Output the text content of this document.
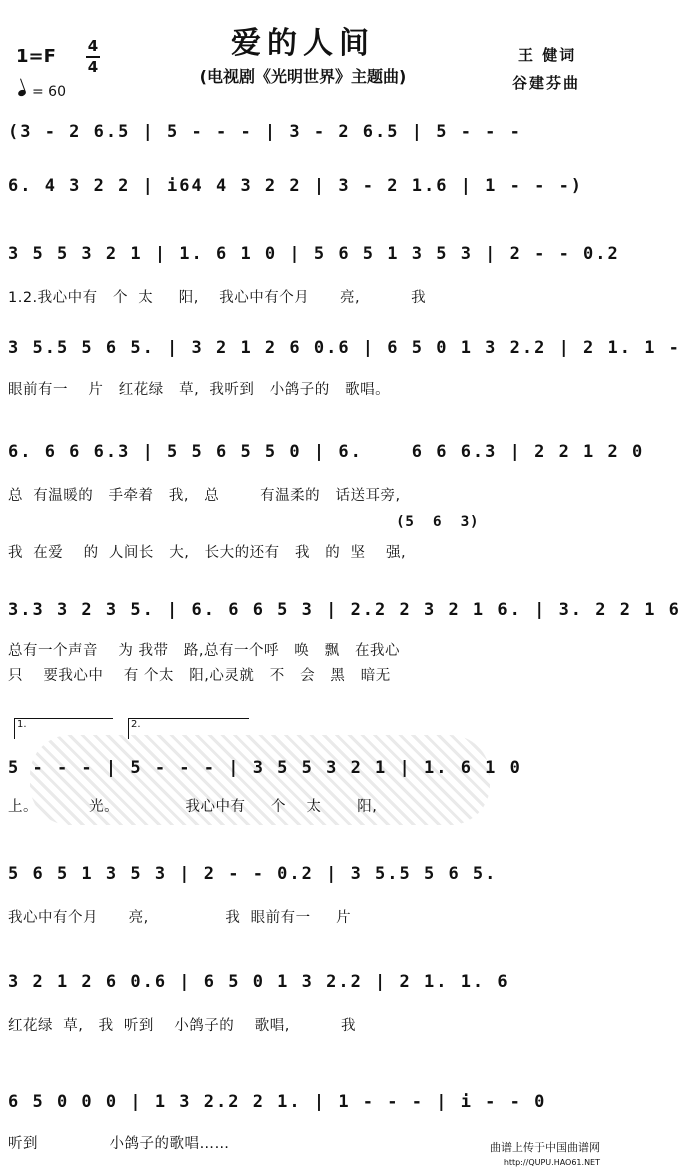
爱的人间
(电视剧《光明世界》主题曲)
1=F 4
4
= 60
王 健词
谷建芬曲
(3 - 2 6.5 | 5 - - - | 3 - 2 6.5 | 5 - - -
6. 4 3 2 2 | i64 4 3 2 2 | 3 - 2 1.6 | 1 - - -)
3 5 5 3 2 1 | 1. 6 1 0 | 5 6 5 1 3 5 3 | 2 - - 0.2
1.2.我心中有   个  太     阳,    我心中有个月      亮,          我
3 5.5 5 6 5. | 3 2 1 2 6 0.6 | 6 5 0 1 3 2.2 | 2 1. 1 -
眼前有一    片   红花绿   草,  我听到   小鸽子的   歌唱。
6. 6 6 6.3 | 5 5 6 5 5 0 | 6.    6 6 6.3 | 2 2 1 2 0
总  有温暖的   手牵着   我,   总        有温柔的   话送耳旁,
(5  6  3)
我  在爱    的  人间长   大,   长大的还有   我   的  坚    强,
3.3 3 2 3 5. | 6. 6 6 5 3 | 2.2 2 3 2 1 6. | 3. 2 2 1 6
总有一个声音    为 我带   路,总有一个呼   唤   飘   在我心
只    要我心中    有 个太   阳,心灵就   不   会   黑   暗无
1.	2.
5 - - - | 5 - - - | 3 5 5 3 2 1 | 1. 6 1 0
上。          光。             我心中有     个    太       阳,
5 6 5 1 3 5 3 | 2 - - 0.2 | 3 5.5 5 6 5.
我心中有个月      亮,               我  眼前有一     片
3 2 1 2 6 0.6 | 6 5 0 1 3 2.2 | 2 1. 1. 6
红花绿  草,   我  听到    小鸽子的    歌唱,          我
6 5 0 0 0 | 1 3 2.2 2 1. | 1 - - - | i - - 0
听到              小鸽子的歌唱……	曲谱上传于中国曲谱网
http://QUPU.HAO61.NET
